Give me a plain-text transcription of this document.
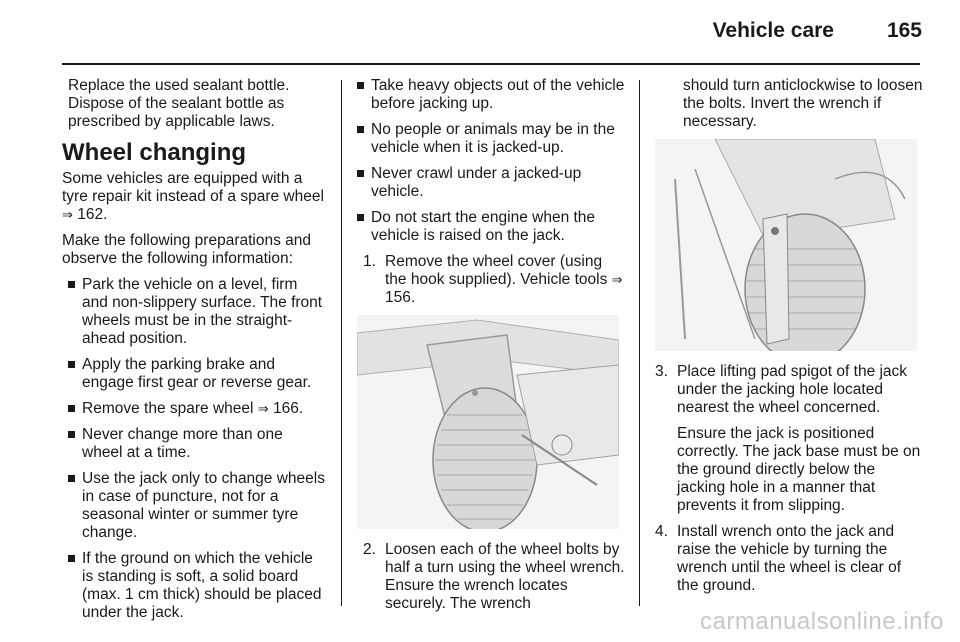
Vehicle care	165

Replace the used sealant bottle. Dispose of the sealant bottle as prescribed by applicable laws.

Wheel changing

Some vehicles are equipped with a tyre repair kit instead of a spare wheel ⇒ 162.

Make the following preparations and observe the following information:

Park the vehicle on a level, firm and non-slippery surface. The front wheels must be in the straight-ahead position.
Apply the parking brake and engage first gear or reverse gear.
Remove the spare wheel ⇒ 166.
Never change more than one wheel at a time.
Use the jack only to change wheels in case of puncture, not for a seasonal winter or summer tyre change.
If the ground on which the vehicle is standing is soft, a solid board (max. 1 cm thick) should be placed under the jack.
Take heavy objects out of the vehicle before jacking up.
No people or animals may be in the vehicle when it is jacked-up.
Never crawl under a jacked-up vehicle.
Do not start the engine when the vehicle is raised on the jack.
1. Remove the wheel cover (using the hook supplied). Vehicle tools ⇒ 156.
2. Loosen each of the wheel bolts by half a turn using the wheel wrench. Ensure the wrench locates securely. The wrench

should turn anticlockwise to loosen the bolts. Invert the wrench if necessary.

3. Place lifting pad spigot of the jack under the jacking hole located nearest the wheel concerned.

Ensure the jack is positioned correctly. The jack base must be on the ground directly below the jacking hole in a manner that prevents it from slipping.

4. Install wrench onto the jack and raise the vehicle by turning the wrench until the wheel is clear of the ground.
carmanualsonline.info
